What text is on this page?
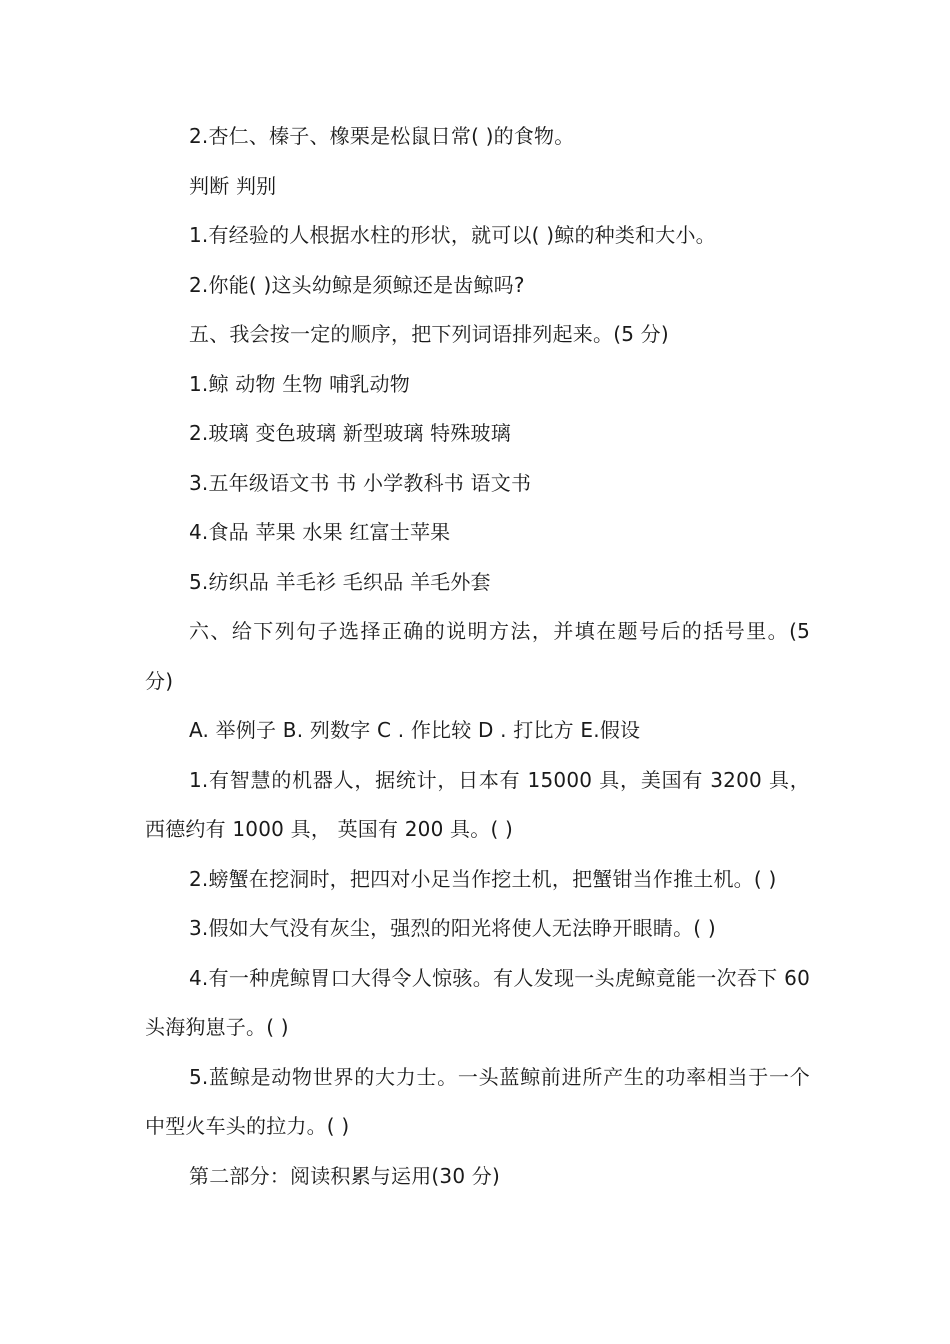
2.杏仁、榛子、橡栗是松鼠日常( )的食物。

判断 判别

1.有经验的人根据水柱的形状，就可以( )鲸的种类和大小。

2.你能( )这头幼鲸是须鲸还是齿鲸吗?

五、我会按一定的顺序，把下列词语排列起来。(5 分)

1.鲸 动物 生物 哺乳动物

2.玻璃 变色玻璃 新型玻璃 特殊玻璃

3.五年级语文书 书 小学教科书 语文书

4.食品 苹果 水果 红富士苹果

5.纺织品 羊毛衫 毛织品 羊毛外套

六、给下列句子选择正确的说明方法，并填在题号后的括号里。(5 分)

A. 举例子 B. 列数字 C . 作比较 D . 打比方 E.假设

1.有智慧的机器人，据统计，日本有 15000 具，美国有 3200 具，西德约有 1000 具， 英国有 200 具。( )

2.螃蟹在挖洞时，把四对小足当作挖土机，把蟹钳当作推土机。( )

3.假如大气没有灰尘，强烈的阳光将使人无法睁开眼睛。( )

4.有一种虎鲸胃口大得令人惊骇。有人发现一头虎鲸竟能一次吞下 60 头海狗崽子。( )

5.蓝鲸是动物世界的大力士。一头蓝鲸前进所产生的功率相当于一个中型火车头的拉力。( )

第二部分：阅读积累与运用(30 分)
